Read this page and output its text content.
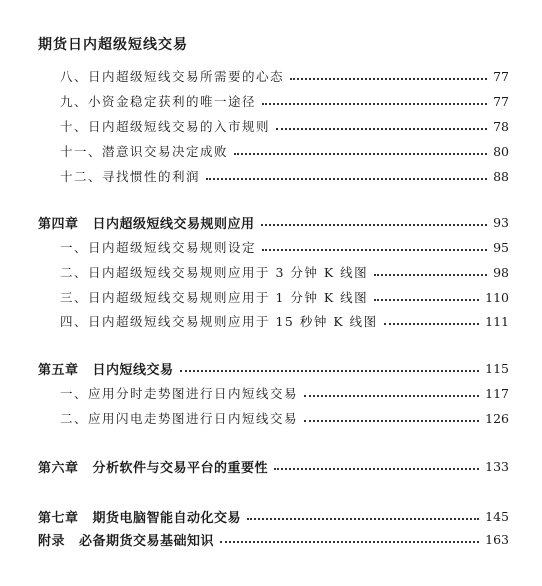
期货日内超级短线交易
八、日内超级短线交易所需要的心态	77
九、小资金稳定获利的唯一途径	77
十、日内超级短线交易的入市规则	78
十一、潜意识交易决定成败	80
十二、寻找惯性的利润	88
第四章 日内超级短线交易规则应用	93
一、日内超级短线交易规则设定	95
二、日内超级短线交易规则应用于 3 分钟 K 线图	98
三、日内超级短线交易规则应用于 1 分钟 K 线图	110
四、日内超级短线交易规则应用于 15 秒钟 K 线图	111
第五章 日内短线交易	115
一、应用分时走势图进行日内短线交易	117
二、应用闪电走势图进行日内短线交易	126
第六章 分析软件与交易平台的重要性	133
第七章 期货电脑智能自动化交易	145
附录 必备期货交易基础知识	163
